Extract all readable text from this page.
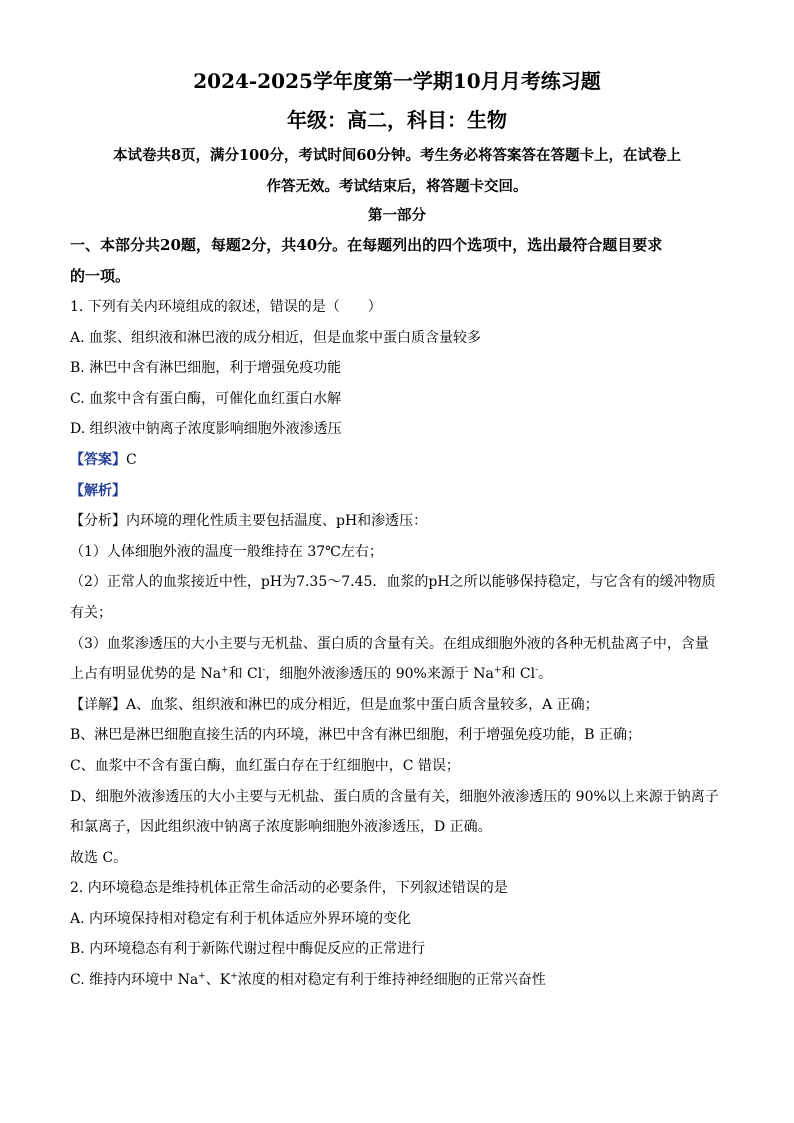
2024-2025学年度第一学期10月月考练习题
年级：高二，科目：生物
本试卷共8页，满分100分，考试时间60分钟。考生务必将答案答在答题卡上，在试卷上
作答无效。考试结束后，将答题卡交回。
第一部分
一、本部分共20题，每题2分，共40分。在每题列出的四个选项中，选出最符合题目要求
的一项。
1. 下列有关内环境组成的叙述，错误的是（　　）
A. 血浆、组织液和淋巴液的成分相近，但是血浆中蛋白质含量较多
B. 淋巴中含有淋巴细胞，利于增强免疫功能
C. 血浆中含有蛋白酶，可催化血红蛋白水解
D. 组织液中钠离子浓度影响细胞外液渗透压
【答案】C
【解析】
【分析】内环境的理化性质主要包括温度、pH和渗透压：
（1）人体细胞外液的温度一般维持在 37℃左右；
（2）正常人的血浆接近中性，pH为7.35～7.45．血浆的pH之所以能够保持稳定，与它含有的缓冲物质
有关；
（3）血浆渗透压的大小主要与无机盐、蛋白质的含量有关。在组成细胞外液的各种无机盐离子中，含量
上占有明显优势的是 Na+和 Cl-，细胞外液渗透压的 90%来源于 Na+和 Cl-。
【详解】A、血浆、组织液和淋巴的成分相近，但是血浆中蛋白质含量较多，A 正确；
B、淋巴是淋巴细胞直接生活的内环境，淋巴中含有淋巴细胞，利于增强免疫功能，B 正确；
C、血浆中不含有蛋白酶，血红蛋白存在于红细胞中，C 错误；
D、细胞外液渗透压的大小主要与无机盐、蛋白质的含量有关，细胞外液渗透压的 90%以上来源于钠离子
和氯离子，因此组织液中钠离子浓度影响细胞外液渗透压，D 正确。
故选 C。
2. 内环境稳态是维持机体正常生命活动的必要条件，下列叙述错误的是
A. 内环境保持相对稳定有利于机体适应外界环境的变化
B. 内环境稳态有利于新陈代谢过程中酶促反应的正常进行
C. 维持内环境中 Na+、K+浓度的相对稳定有利于维持神经细胞的正常兴奋性
